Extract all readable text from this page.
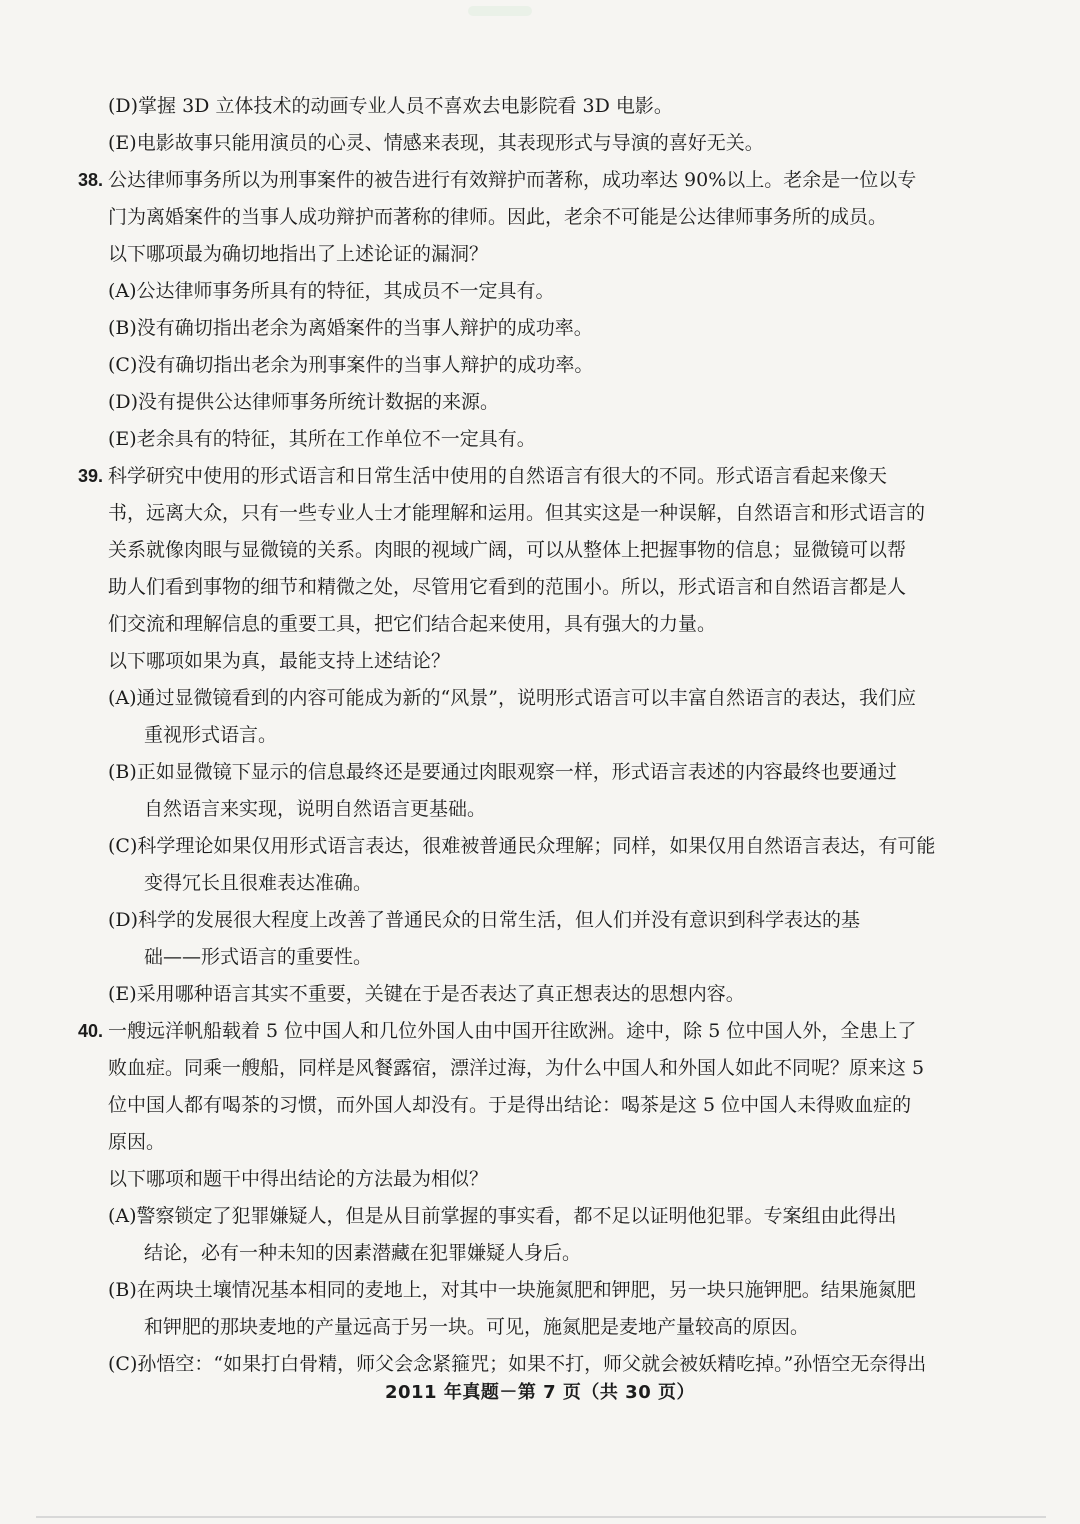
(D)掌握 3D 立体技术的动画专业人员不喜欢去电影院看 3D 电影。
(E)电影故事只能用演员的心灵、情感来表现，其表现形式与导演的喜好无关。
38. 公达律师事务所以为刑事案件的被告进行有效辩护而著称，成功率达 90%以上。老余是一位以专
门为离婚案件的当事人成功辩护而著称的律师。因此，老余不可能是公达律师事务所的成员。
以下哪项最为确切地指出了上述论证的漏洞？
(A)公达律师事务所具有的特征，其成员不一定具有。
(B)没有确切指出老余为离婚案件的当事人辩护的成功率。
(C)没有确切指出老余为刑事案件的当事人辩护的成功率。
(D)没有提供公达律师事务所统计数据的来源。
(E)老余具有的特征，其所在工作单位不一定具有。
39. 科学研究中使用的形式语言和日常生活中使用的自然语言有很大的不同。形式语言看起来像天
书，远离大众，只有一些专业人士才能理解和运用。但其实这是一种误解，自然语言和形式语言的
关系就像肉眼与显微镜的关系。肉眼的视域广阔，可以从整体上把握事物的信息；显微镜可以帮
助人们看到事物的细节和精微之处，尽管用它看到的范围小。所以，形式语言和自然语言都是人
们交流和理解信息的重要工具，把它们结合起来使用，具有强大的力量。
以下哪项如果为真，最能支持上述结论？
(A)通过显微镜看到的内容可能成为新的“风景”，说明形式语言可以丰富自然语言的表达，我们应
重视形式语言。
(B)正如显微镜下显示的信息最终还是要通过肉眼观察一样，形式语言表述的内容最终也要通过
自然语言来实现，说明自然语言更基础。
(C)科学理论如果仅用形式语言表达，很难被普通民众理解；同样，如果仅用自然语言表达，有可能
变得冗长且很难表达准确。
(D)科学的发展很大程度上改善了普通民众的日常生活，但人们并没有意识到科学表达的基
础——形式语言的重要性。
(E)采用哪种语言其实不重要，关键在于是否表达了真正想表达的思想内容。
40. 一艘远洋帆船载着 5 位中国人和几位外国人由中国开往欧洲。途中，除 5 位中国人外，全患上了
败血症。同乘一艘船，同样是风餐露宿，漂洋过海，为什么中国人和外国人如此不同呢？原来这 5
位中国人都有喝茶的习惯，而外国人却没有。于是得出结论：喝茶是这 5 位中国人未得败血症的
原因。
以下哪项和题干中得出结论的方法最为相似？
(A)警察锁定了犯罪嫌疑人，但是从目前掌握的事实看，都不足以证明他犯罪。专案组由此得出
结论，必有一种未知的因素潜藏在犯罪嫌疑人身后。
(B)在两块土壤情况基本相同的麦地上，对其中一块施氮肥和钾肥，另一块只施钾肥。结果施氮肥
和钾肥的那块麦地的产量远高于另一块。可见，施氮肥是麦地产量较高的原因。
(C)孙悟空：“如果打白骨精，师父会念紧箍咒；如果不打，师父就会被妖精吃掉。”孙悟空无奈得出
2011 年真题－第 7 页（共 30 页）
